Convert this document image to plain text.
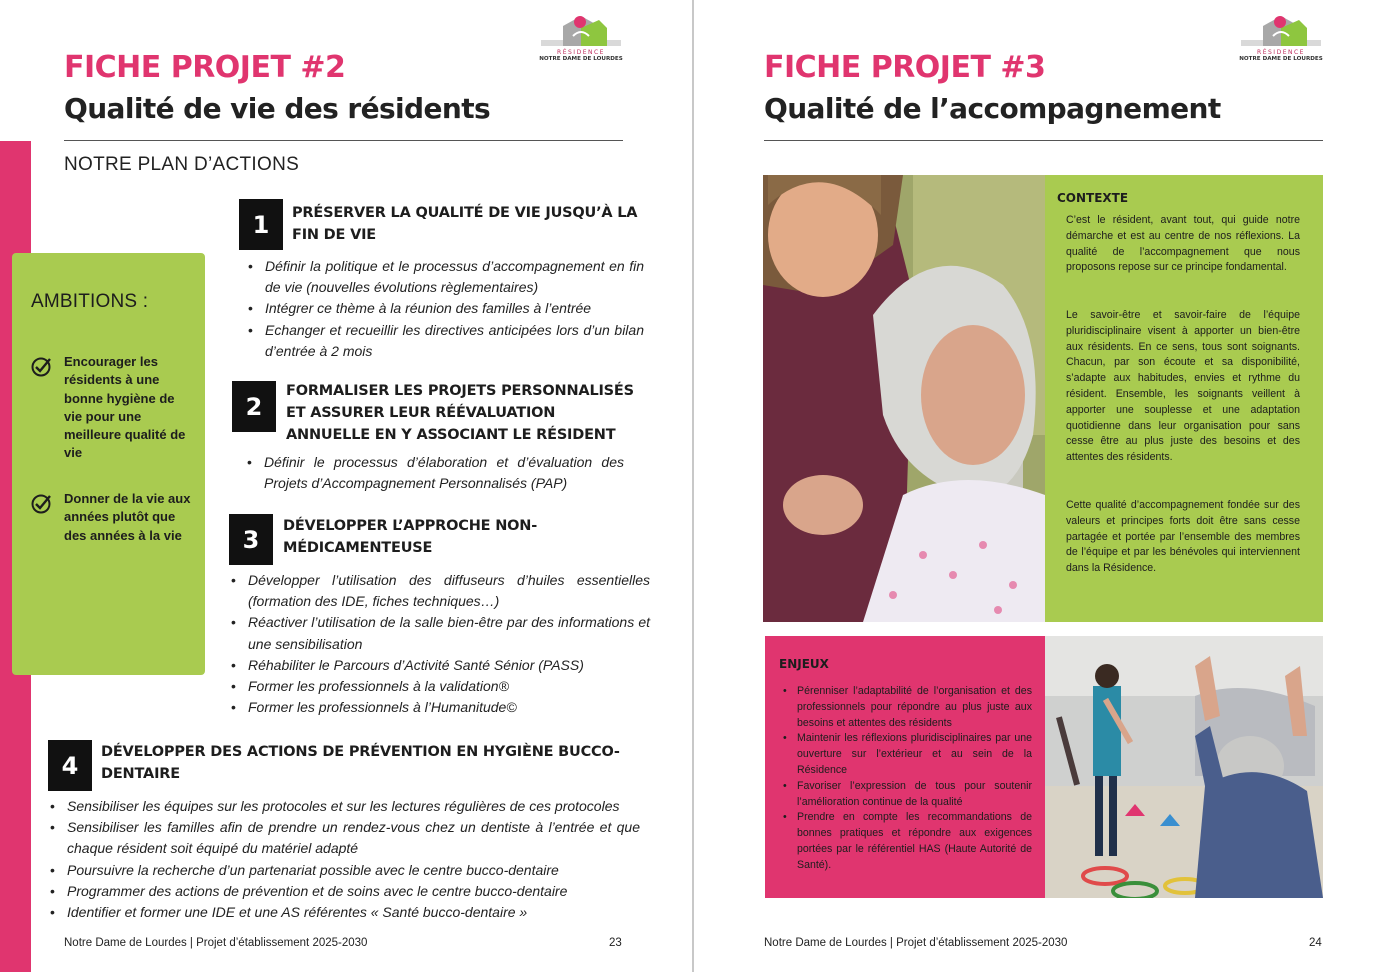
RÉSIDENCE
NOTRE DAME DE LOURDES
FICHE PROJET #2
Qualité de vie des résidents
NOTRE PLAN D’ACTIONS
AMBITIONS :
Encourager les résidents à une bonne hygiène de vie pour une meilleure qualité de vie
Donner de la vie aux années plutôt que des années à la vie
1	PRÉSERVER LA QUALITÉ DE VIE JUSQU’À LA FIN DE VIE
• Définir la politique et le processus d’accompagnement en fin de vie (nouvelles évolutions règlementaires)
• Intégrer ce thème à la réunion des familles à l’entrée
• Echanger et recueillir les directives anticipées lors d’un bilan d’entrée à 2 mois
2
FORMALISER LES PROJETS PERSONNALISÉS ET ASSURER LEUR RÉÉVALUATION ANNUELLE EN Y ASSOCIANT LE RÉSIDENT
• Définir le processus d’élaboration et d’évaluation des Projets d’Accompagnement Personnalisés (PAP)
3	DÉVELOPPER L’APPROCHE NON-MÉDICAMENTEUSE
• Développer l’utilisation des diffuseurs d’huiles essentielles (formation des IDE, fiches techniques…)
• Réactiver l’utilisation de la salle bien-être par des informations et une sensibilisation
• Réhabiliter le Parcours d’Activité Santé Sénior (PASS)
• Former les professionnels à la validation®
• Former les professionnels à l’Humanitude©
4	DÉVELOPPER DES ACTIONS DE PRÉVENTION EN HYGIÈNE BUCCO-DENTAIRE
• Sensibiliser les équipes sur les protocoles et sur les lectures régulières de ces protocoles
• Sensibiliser les familles afin de prendre un rendez-vous chez un dentiste à l’entrée et que chaque résident soit équipé du matériel adapté
• Poursuivre la recherche d’un partenariat possible avec le centre bucco-dentaire
• Programmer des actions de prévention et de soins avec le centre bucco-dentaire
• Identifier et former une IDE et une AS référentes « Santé bucco-dentaire »
Notre Dame de Lourdes | Projet d’établissement 2025-2030	23
RÉSIDENCE
NOTRE DAME DE LOURDES
FICHE PROJET #3
Qualité de l’accompagnement
CONTEXTE
C’est le résident, avant tout, qui guide notre démarche et est au centre de nos réflexions. La qualité de l’accompagnement que nous proposons repose sur ce principe fondamental.
Le savoir-être et savoir-faire de l’équipe pluridisciplinaire visent à apporter un bien-être aux résidents. En ce sens, tous sont soignants. Chacun, par son écoute et sa disponibilité, s’adapte aux habitudes, envies et rythme du résident. Ensemble, les soignants veillent à apporter une souplesse et une adaptation quotidienne dans leur organisation pour sans cesse être au plus juste des besoins et des attentes des résidents.
Cette qualité d’accompagnement fondée sur des valeurs et principes forts doit être sans cesse partagée et portée par l’ensemble des membres de l’équipe et par les bénévoles qui interviennent dans la Résidence.
ENJEUX
• Pérenniser l’adaptabilité de l’organisation et des professionnels pour répondre au plus juste aux besoins et attentes des résidents
• Maintenir les réflexions pluridisciplinaires par une ouverture sur l’extérieur et au sein de la Résidence
• Favoriser l’expression de tous pour soutenir l’amélioration continue de la qualité
• Prendre en compte les recommandations de bonnes pratiques et répondre aux exigences portées par le référentiel HAS (Haute Autorité de Santé).
Notre Dame de Lourdes | Projet d’établissement 2025-2030	24
